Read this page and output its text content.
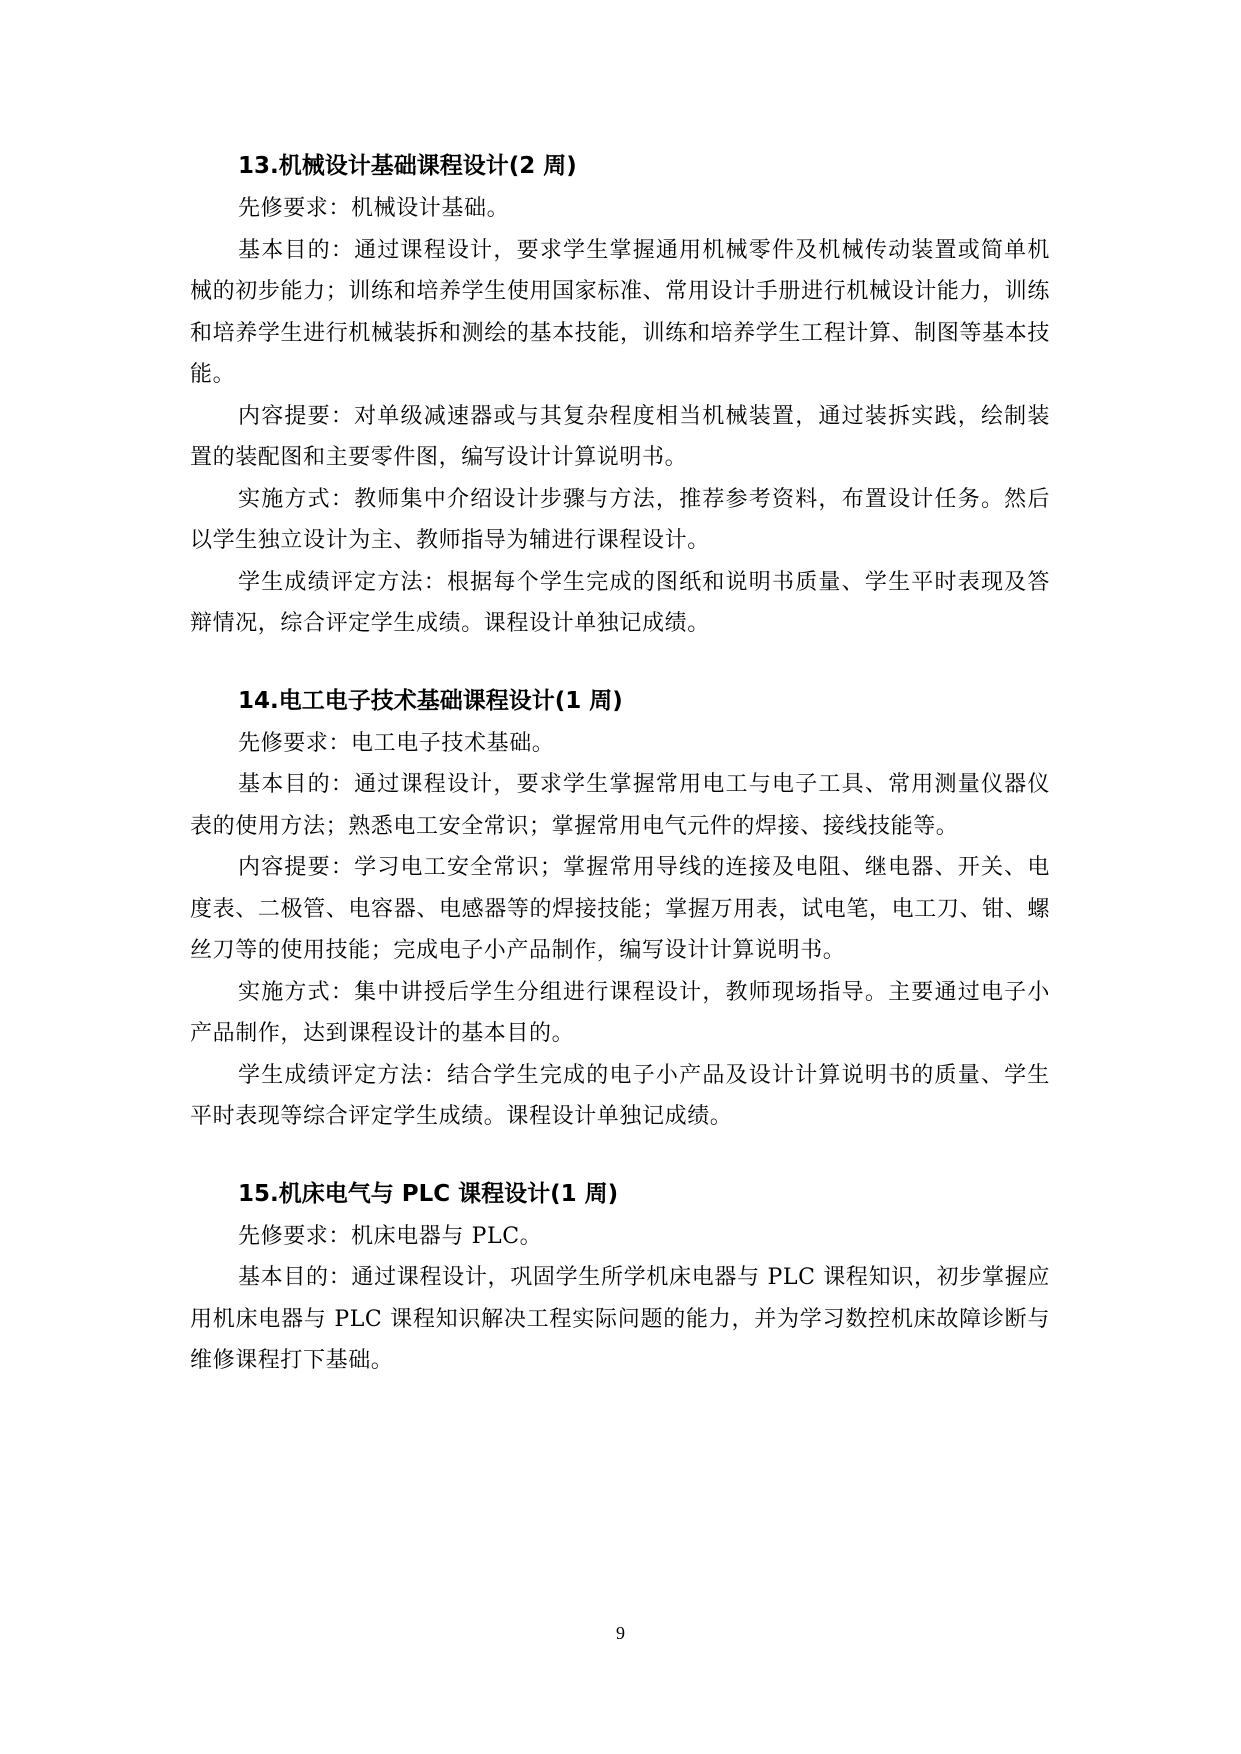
13.机械设计基础课程设计(2 周)

先修要求：机械设计基础。

基本目的：通过课程设计，要求学生掌握通用机械零件及机械传动装置或简单机械的初步能力；训练和培养学生使用国家标准、常用设计手册进行机械设计能力，训练和培养学生进行机械装拆和测绘的基本技能，训练和培养学生工程计算、制图等基本技能。

内容提要：对单级减速器或与其复杂程度相当机械装置，通过装拆实践，绘制装置的装配图和主要零件图，编写设计计算说明书。

实施方式：教师集中介绍设计步骤与方法，推荐参考资料，布置设计任务。然后以学生独立设计为主、教师指导为辅进行课程设计。

学生成绩评定方法：根据每个学生完成的图纸和说明书质量、学生平时表现及答辩情况，综合评定学生成绩。课程设计单独记成绩。

14.电工电子技术基础课程设计(1 周)

先修要求：电工电子技术基础。

基本目的：通过课程设计，要求学生掌握常用电工与电子工具、常用测量仪器仪表的使用方法；熟悉电工安全常识；掌握常用电气元件的焊接、接线技能等。

内容提要：学习电工安全常识；掌握常用导线的连接及电阻、继电器、开关、电度表、二极管、电容器、电感器等的焊接技能；掌握万用表，试电笔，电工刀、钳、螺丝刀等的使用技能；完成电子小产品制作，编写设计计算说明书。

实施方式：集中讲授后学生分组进行课程设计，教师现场指导。主要通过电子小产品制作，达到课程设计的基本目的。

学生成绩评定方法：结合学生完成的电子小产品及设计计算说明书的质量、学生平时表现等综合评定学生成绩。课程设计单独记成绩。

15.机床电气与 PLC 课程设计(1 周)

先修要求：机床电器与 PLC。

基本目的：通过课程设计，巩固学生所学机床电器与 PLC 课程知识，初步掌握应用机床电器与 PLC 课程知识解决工程实际问题的能力，并为学习数控机床故障诊断与维修课程打下基础。

9
